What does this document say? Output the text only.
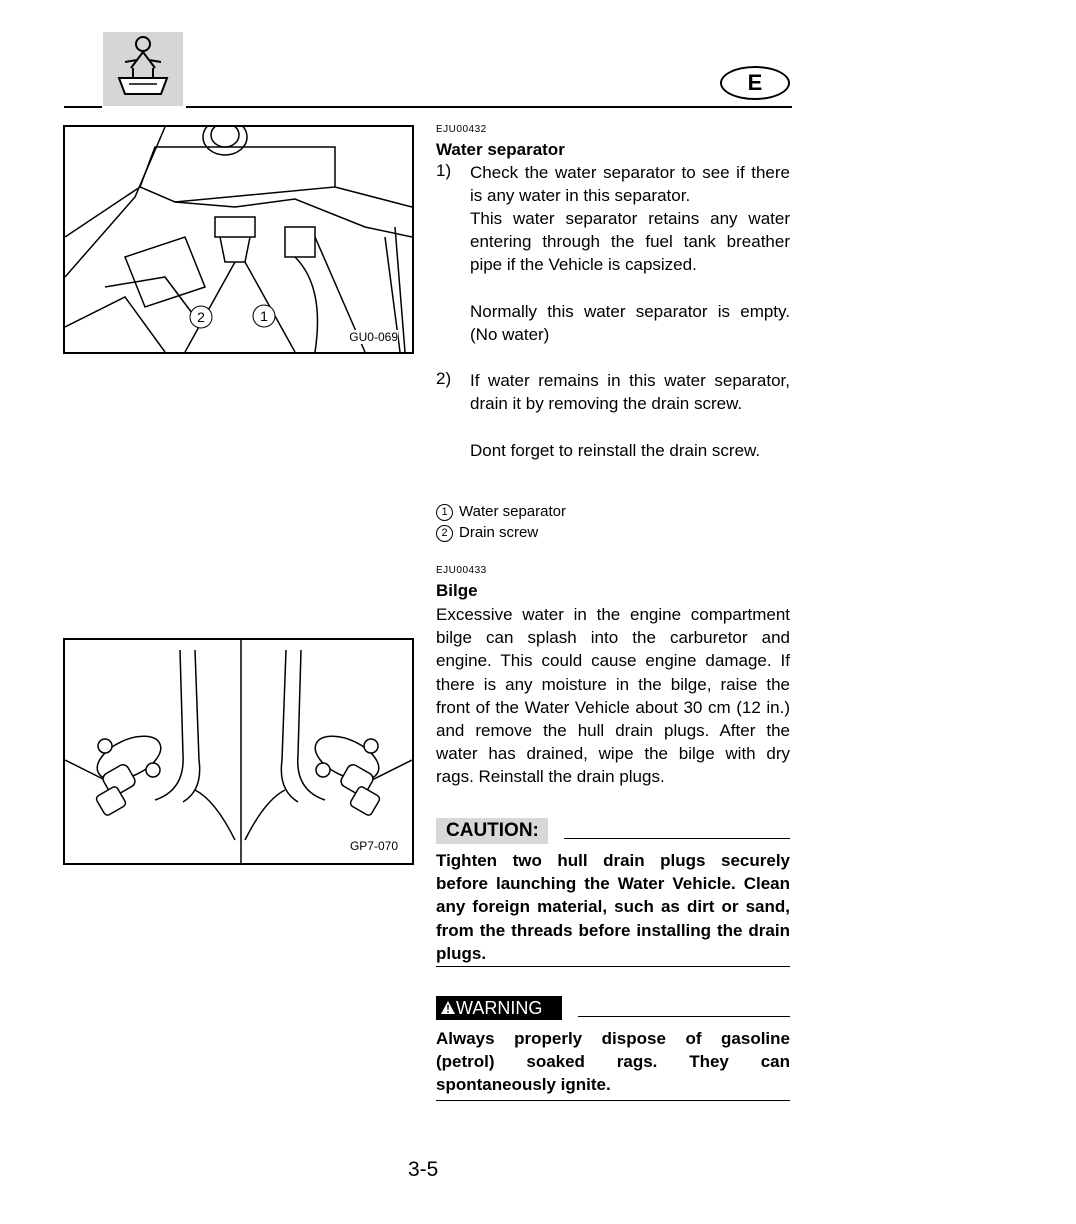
E
2	1
GU0-069
GP7-070
EJU00432
Water separator
1) Check the water separator to see if there is any water in this separator.
This water separator retains any water entering through the fuel tank breather pipe if the Vehicle is capsized.
Normally this water separator is empty. (No water)
2) If water remains in this water separator, drain it by removing the drain screw.
Dont forget to reinstall the drain screw.
1 Water separator
2 Drain screw
EJU00433
Bilge
Excessive water in the engine compartment bilge can splash into the carburetor and engine. This could cause engine damage. If there is any moisture in the bilge, raise the front of the Water Vehicle about 30 cm (12 in.) and remove the hull drain plugs. After the water has drained, wipe the bilge with dry rags. Reinstall the drain plugs.
CAUTION:
Tighten two hull drain plugs securely before launching the Water Vehicle. Clean any foreign material, such as dirt or sand, from the threads before installing the drain plugs.
WARNING
Always properly dispose of gasoline (petrol) soaked rags. They can spontaneously ignite.
3-5
